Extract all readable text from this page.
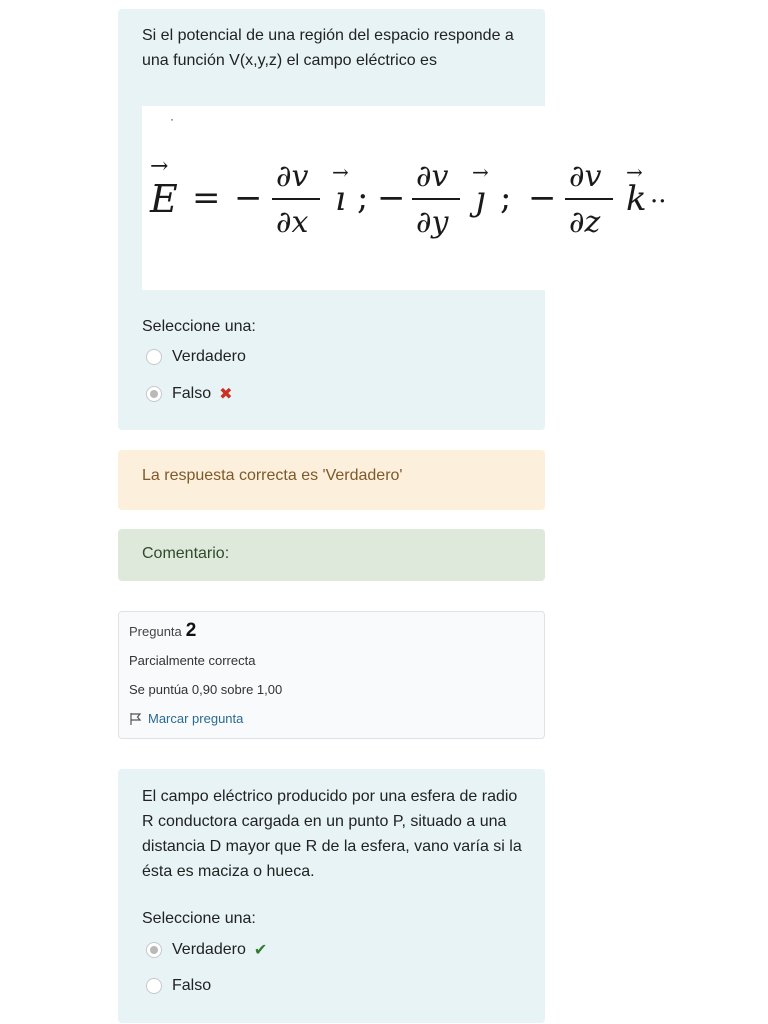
Si el potencial de una región del espacio responde a una función V(x,y,z) el campo eléctrico es
·
E
→
= −
∂v
∂x
ı
→
; −
∂v
∂y
ȷ
→
; −
∂v
∂z
k
→
··
Seleccione una:
Verdadero
Falso ✖
La respuesta correcta es 'Verdadero'
Comentario:
Pregunta 2
Parcialmente correcta
Se puntúa 0,90 sobre 1,00
Marcar pregunta
El campo eléctrico producido por una esfera de radio R conductora cargada en un punto P, situado a una distancia D mayor que R de la esfera, vano varía si la ésta es maciza o hueca.
Seleccione una:
Verdadero ✔
Falso
